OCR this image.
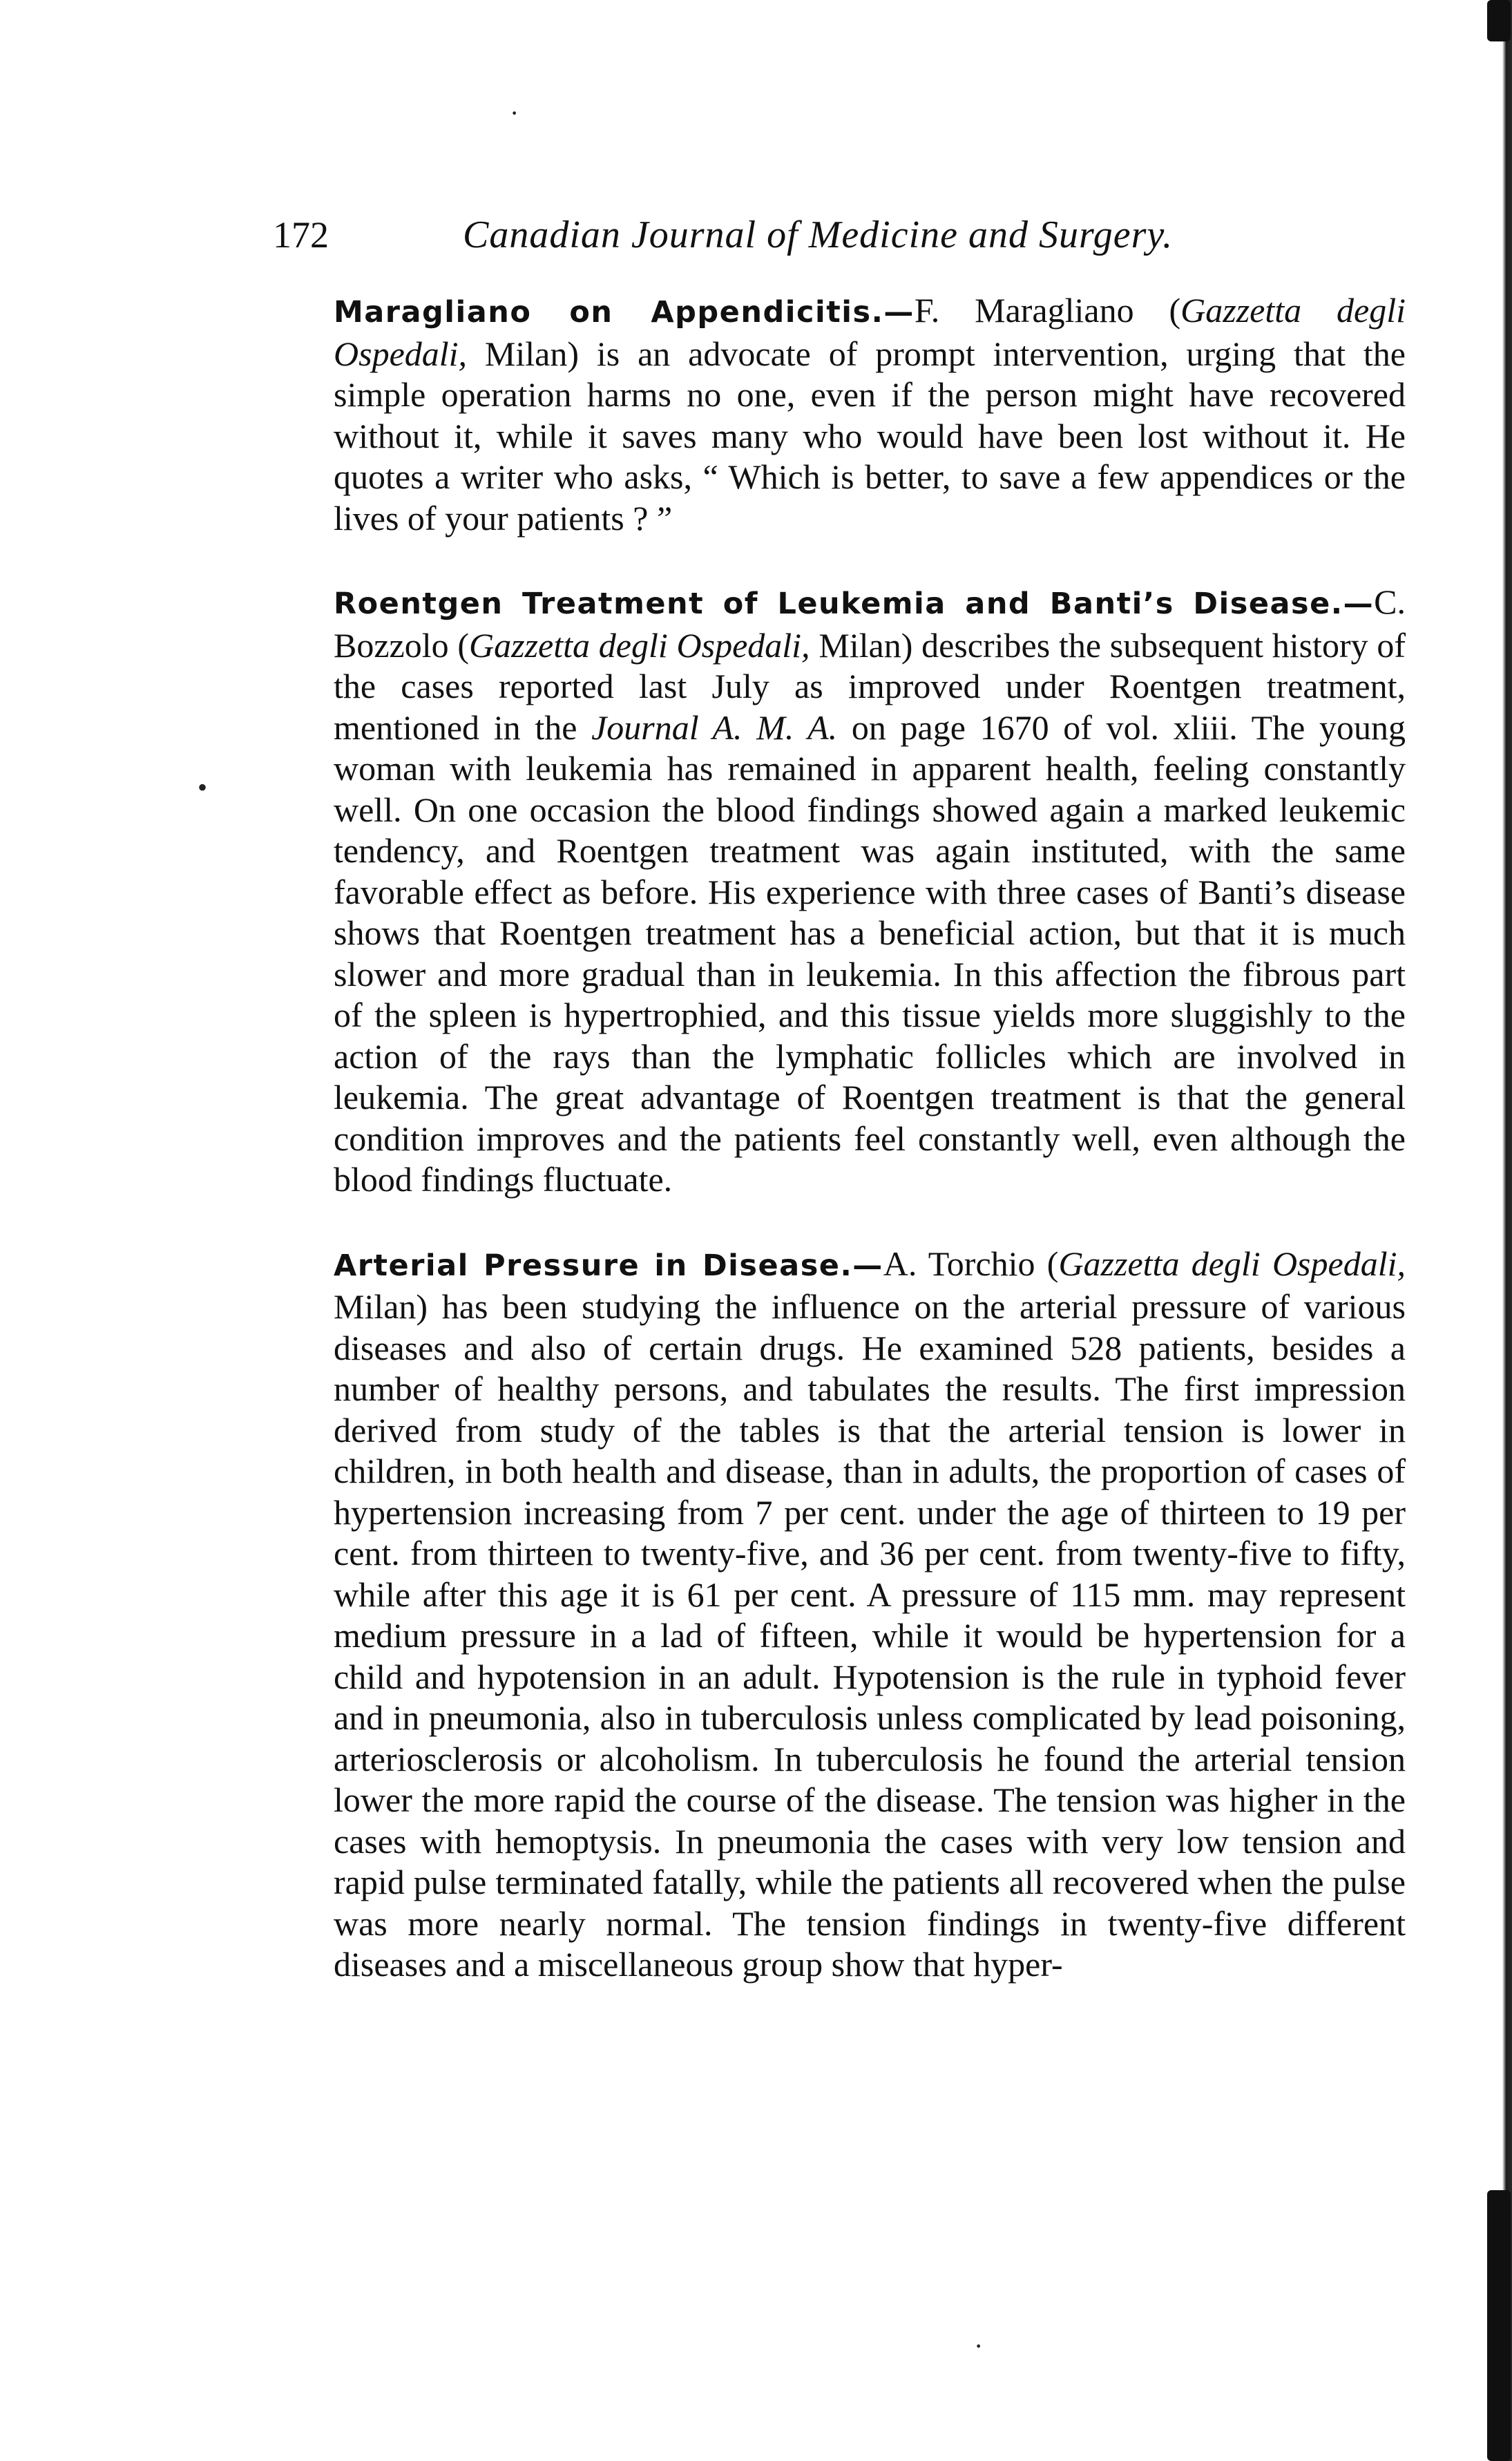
·
•
·
172	Canadian Journal of Medicine and Surgery.

Maragliano on Appendicitis.—F. Maragliano (Gazzetta degli Ospedali, Milan) is an advocate of prompt intervention, urging that the simple operation harms no one, even if the person might have recovered without it, while it saves many who would have been lost without it. He quotes a writer who asks, “ Which is better, to save a few appendices or the lives of your patients ? ”

Roentgen Treatment of Leukemia and Banti’s Disease.—C. Bozzolo (Gazzetta degli Ospedali, Milan) describes the subsequent history of the cases reported last July as improved under Roentgen treatment, mentioned in the Journal A. M. A. on page 1670 of vol. xliii. The young woman with leukemia has remained in apparent health, feeling constantly well. On one occasion the blood findings showed again a marked leukemic tendency, and Roentgen treatment was again instituted, with the same favorable effect as before. His experience with three cases of Banti’s disease shows that Roentgen treatment has a beneficial action, but that it is much slower and more gradual than in leukemia. In this affection the fibrous part of the spleen is hypertrophied, and this tissue yields more sluggishly to the action of the rays than the lymphatic follicles which are involved in leukemia. The great advantage of Roentgen treatment is that the general condition improves and the patients feel constantly well, even although the blood findings fluctuate.

Arterial Pressure in Disease.—A. Torchio (Gazzetta degli Ospedali, Milan) has been studying the influence on the arterial pressure of various diseases and also of certain drugs. He examined 528 patients, besides a number of healthy persons, and tabulates the results. The first impression derived from study of the tables is that the arterial tension is lower in children, in both health and disease, than in adults, the proportion of cases of hypertension increasing from 7 per cent. under the age of thirteen to 19 per cent. from thirteen to twenty-five, and 36 per cent. from twenty-five to fifty, while after this age it is 61 per cent. A pressure of 115 mm. may represent medium pressure in a lad of fifteen, while it would be hypertension for a child and hypotension in an adult. Hypotension is the rule in typhoid fever and in pneumonia, also in tuberculosis unless complicated by lead poisoning, arteriosclerosis or alcoholism. In tuberculosis he found the arterial tension lower the more rapid the course of the disease. The tension was higher in the cases with hemoptysis. In pneumonia the cases with very low tension and rapid pulse terminated fatally, while the patients all recovered when the pulse was more nearly normal. The tension findings in twenty-five different diseases and a miscellaneous group show that hyper-
